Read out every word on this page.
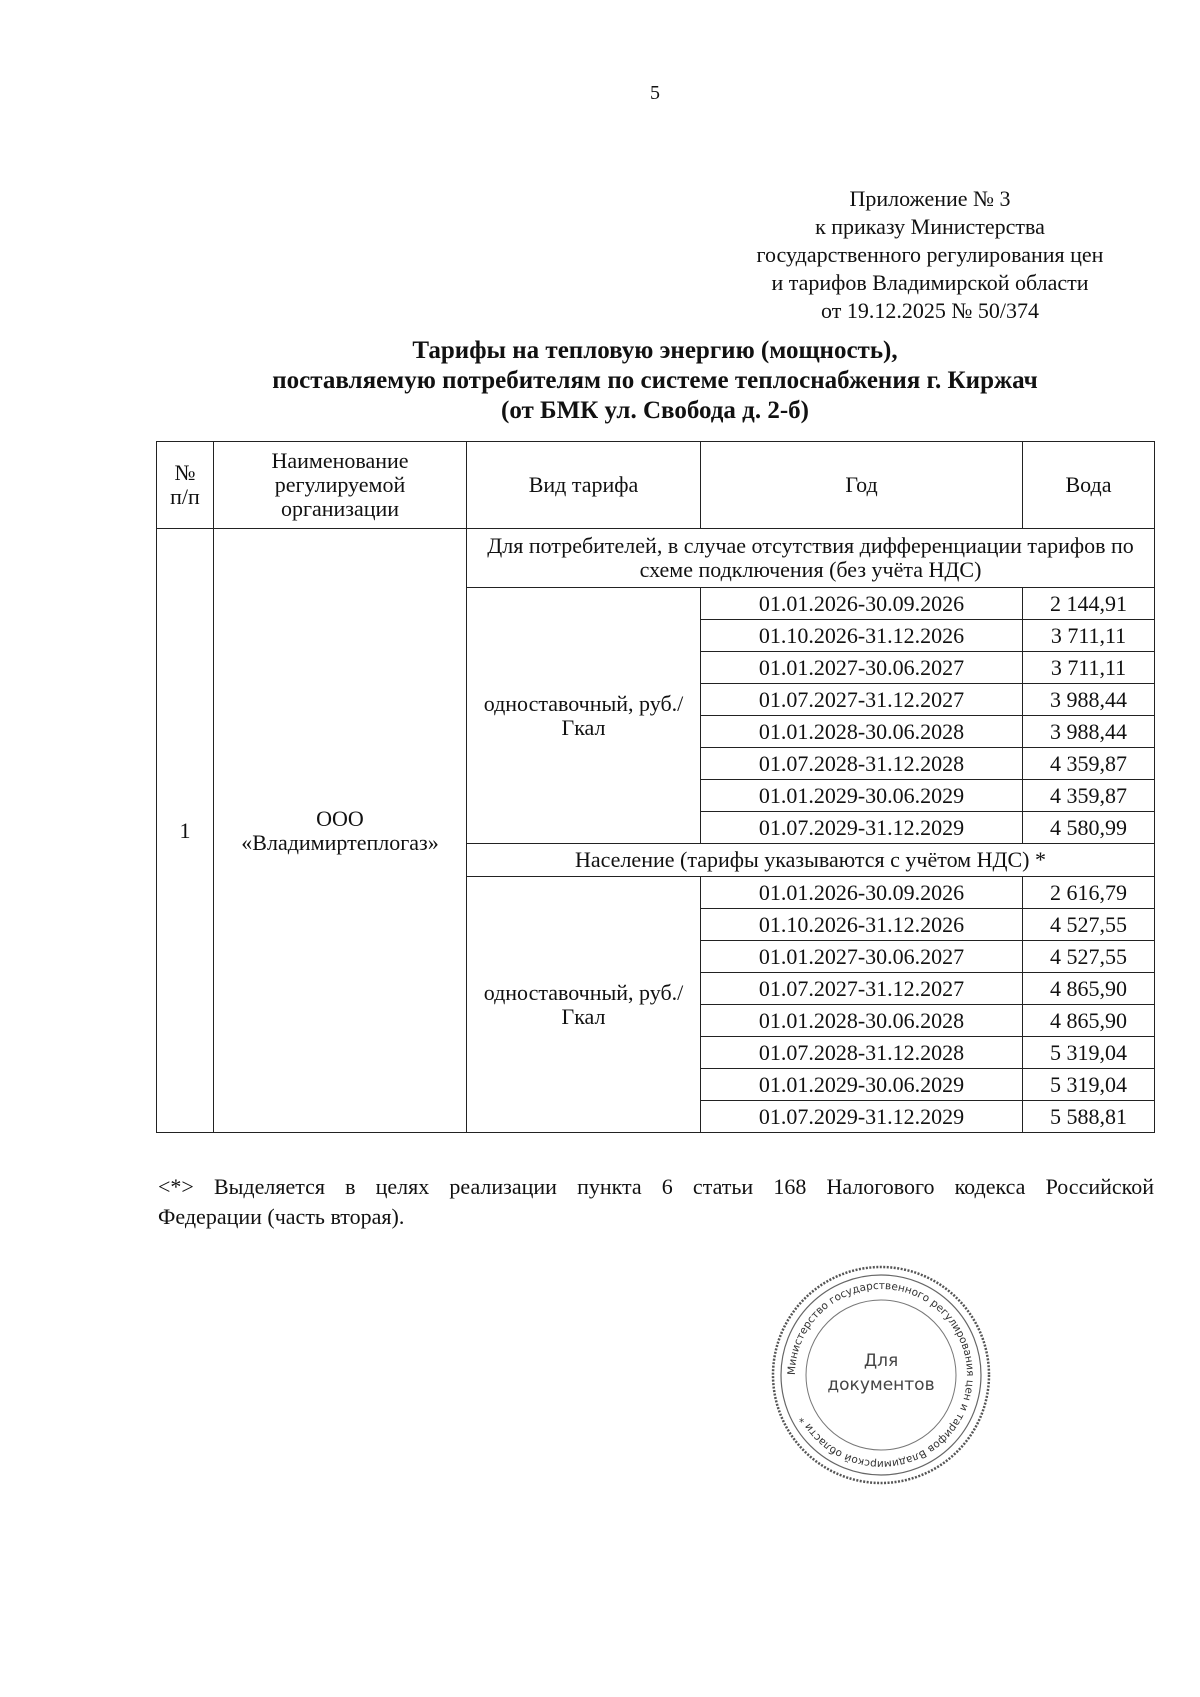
5
Приложение № 3
к приказу Министерства
государственного регулирования цен
и тарифов Владимирской области
от 19.12.2025 № 50/374
Тарифы на тепловую энергию (мощность),
поставляемую потребителям по системе теплоснабжения г. Киржач
(от БМК ул. Свобода д. 2-б)
№ п/п	Наименование регулируемой организации	Вид тарифа	Год	Вода
1	ООО «Владимиртеплогаз»	Для потребителей, в случае отсутствия дифференциации тарифов по схеме подключения (без учёта НДС)		
		одноставочный, руб./Гкал	01.01.2026-30.09.2026	2 144,91
			01.10.2026-31.12.2026	3 711,11
			01.01.2027-30.06.2027	3 711,11
			01.07.2027-31.12.2027	3 988,44
			01.01.2028-30.06.2028	3 988,44
			01.07.2028-31.12.2028	4 359,87
			01.01.2029-30.06.2029	4 359,87
			01.07.2029-31.12.2029	4 580,99
		Население (тарифы указываются с учётом НДС) *		
		одноставочный, руб./Гкал	01.01.2026-30.09.2026	2 616,79
			01.10.2026-31.12.2026	4 527,55
			01.01.2027-30.06.2027	4 527,55
			01.07.2027-31.12.2027	4 865,90
			01.01.2028-30.06.2028	4 865,90
			01.07.2028-31.12.2028	5 319,04
			01.01.2029-30.06.2029	5 319,04
			01.07.2029-31.12.2029	5 588,81
<*> Выделяется в целях реализации пункта 6 статьи 168 Налогового кодекса Российской
Федерации (часть вторая).
Министерство государственного регулирования цен и тарифов Владимирской области *
Для документов
